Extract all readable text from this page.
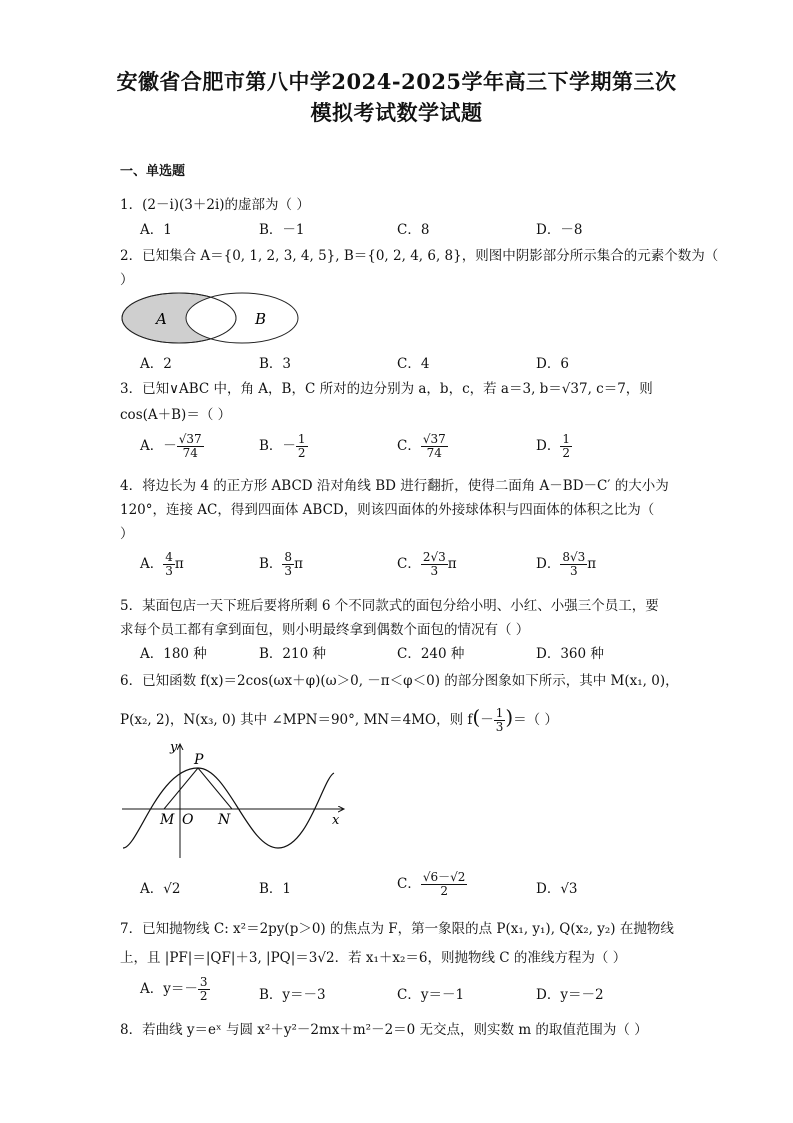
安徽省合肥市第八中学2024-2025学年高三下学期第三次
模拟考试数学试题
一、单选题
1．(2－i)(3＋2i)的虚部为（ ）
A．1	B．－1	C．8	D．－8
2．已知集合 A＝{0, 1, 2, 3, 4, 5}, B＝{0, 2, 4, 6, 8}，则图中阴影部分所示集合的元素个数为（
）
A	B
A．2	B．3	C．4	D．6
3．已知∨ABC 中，角 A，B，C 所对的边分别为 a，b，c，若 a＝3, b＝√37, c＝7，则
cos(A＋B)＝（ ）
A．－ $\frac{√37}{74}$	B．－ $\frac{1}{2}$	C． $\frac{√37}{74}$	D． $\frac{1}{2}$
4．将边长为 4 的正方形 ABCD 沿对角线 BD 进行翻折，使得二面角 A－BD－C′ 的大小为
120°，连接 AC，得到四面体 ABCD，则该四面体的外接球体积与四面体的体积之比为（
）
A． $\frac{4}{3}$ π	B． $\frac{8}{3}$ π	C． $\frac{2√3}{3}$ π	D． $\frac{8√3}{3}$ π
5．某面包店一天下班后要将所剩 6 个不同款式的面包分给小明、小红、小强三个员工，要
求每个员工都有拿到面包，则小明最终拿到偶数个面包的情况有（ ）
A．180 种	B．210 种	C．240 种	D．360 种
6．已知函数 f(x)＝2cos(ωx＋φ)(ω＞0, －π＜φ＜0) 的部分图象如下所示，其中 M(x₁, 0)，
P(x₂, 2)，N(x₃, 0) 其中 ∠MPN＝90°, MN＝4MO，则 $f(- \frac{1}{3}$ )＝（ ）
y
x
P
M O N
A．√2	B．1	C． $\frac{√6-√2}{2}$	D．√3
7．已知抛物线 C: x²＝2py(p＞0) 的焦点为 F，第一象限的点 P(x₁, y₁), Q(x₂, y₂) 在抛物线
上，且 |PF|＝|QF|＋3, |PQ|＝3√2．若 x₁＋x₂＝6，则抛物线 C 的准线方程为（ ）
A．$y=- \frac{3}{2}$	B．y＝－3	C．y＝－1	D．y＝－2
8．若曲线 y＝eˣ 与圆 x²＋y²－2mx＋m²－2＝0 无交点，则实数 m 的取值范围为（ ）
